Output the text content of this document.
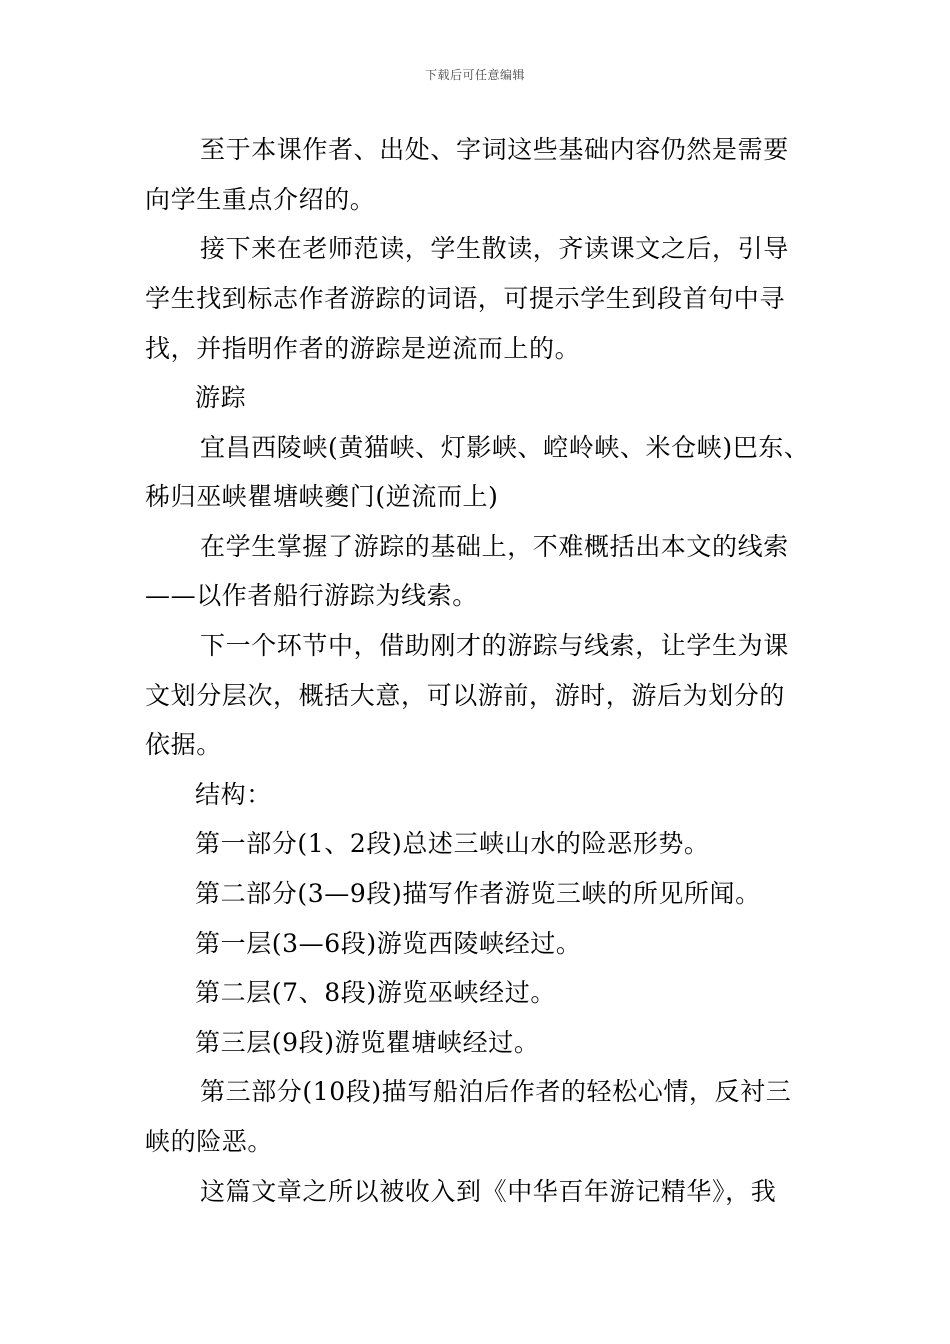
下载后可任意编辑
至于本课作者、出处、字词这些基础内容仍然是需要
向学生重点介绍的。
接下来在老师范读，学生散读，齐读课文之后，引导
学生找到标志作者游踪的词语，可提示学生到段首句中寻
找，并指明作者的游踪是逆流而上的。
游踪
宜昌西陵峡(黄猫峡、灯影峡、崆岭峡、米仓峡)巴东、
秭归巫峡瞿塘峡夔门(逆流而上)
在学生掌握了游踪的基础上，不难概括出本文的线索
——以作者船行游踪为线索。
下一个环节中，借助刚才的游踪与线索，让学生为课
文划分层次，概括大意，可以游前，游时，游后为划分的
依据。
结构：
第一部分(1、2段)总述三峡山水的险恶形势。
第二部分(3—9段)描写作者游览三峡的所见所闻。
第一层(3—6段)游览西陵峡经过。
第二层(7、8段)游览巫峡经过。
第三层(9段)游览瞿塘峡经过。
第三部分(10段)描写船泊后作者的轻松心情，反衬三
峡的险恶。
这篇文章之所以被收入到《中华百年游记精华》，我
